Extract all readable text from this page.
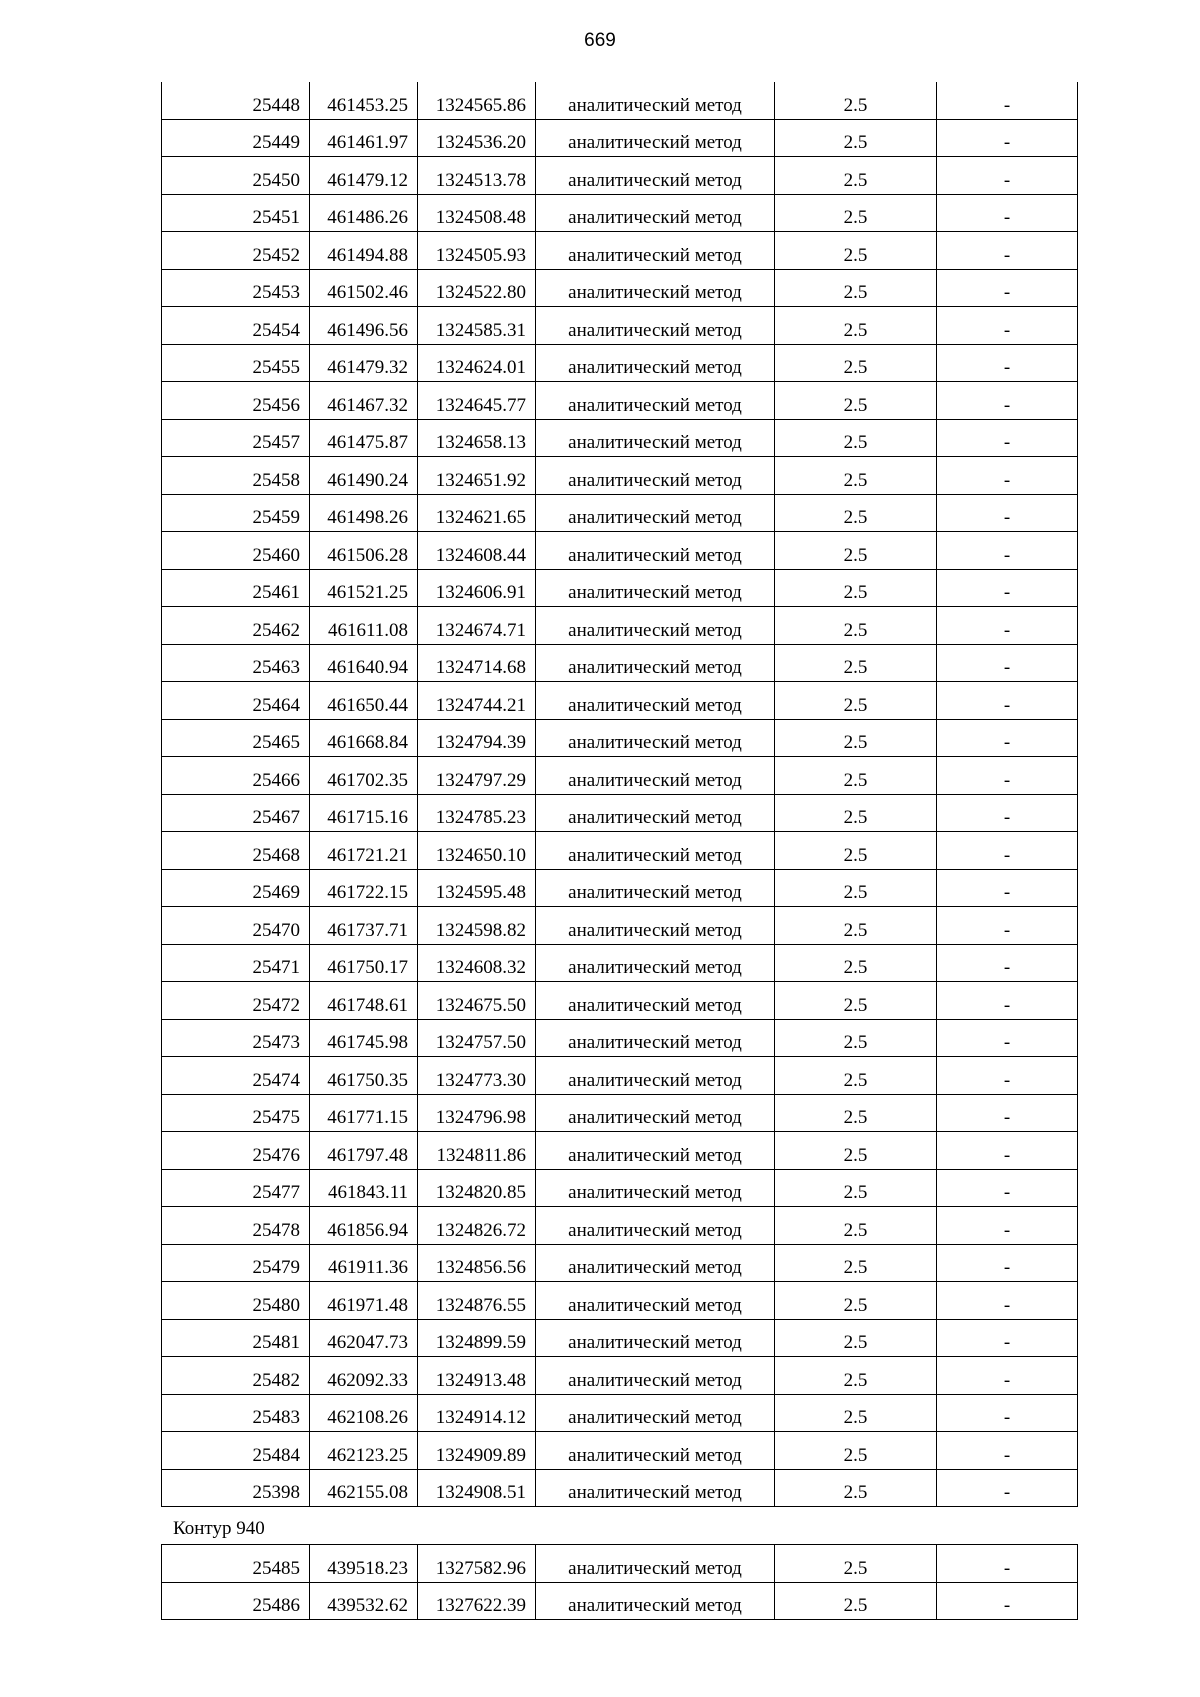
669
25448	461453.25	1324565.86	аналитический метод	2.5	-
25449	461461.97	1324536.20	аналитический метод	2.5	-
25450	461479.12	1324513.78	аналитический метод	2.5	-
25451	461486.26	1324508.48	аналитический метод	2.5	-
25452	461494.88	1324505.93	аналитический метод	2.5	-
25453	461502.46	1324522.80	аналитический метод	2.5	-
25454	461496.56	1324585.31	аналитический метод	2.5	-
25455	461479.32	1324624.01	аналитический метод	2.5	-
25456	461467.32	1324645.77	аналитический метод	2.5	-
25457	461475.87	1324658.13	аналитический метод	2.5	-
25458	461490.24	1324651.92	аналитический метод	2.5	-
25459	461498.26	1324621.65	аналитический метод	2.5	-
25460	461506.28	1324608.44	аналитический метод	2.5	-
25461	461521.25	1324606.91	аналитический метод	2.5	-
25462	461611.08	1324674.71	аналитический метод	2.5	-
25463	461640.94	1324714.68	аналитический метод	2.5	-
25464	461650.44	1324744.21	аналитический метод	2.5	-
25465	461668.84	1324794.39	аналитический метод	2.5	-
25466	461702.35	1324797.29	аналитический метод	2.5	-
25467	461715.16	1324785.23	аналитический метод	2.5	-
25468	461721.21	1324650.10	аналитический метод	2.5	-
25469	461722.15	1324595.48	аналитический метод	2.5	-
25470	461737.71	1324598.82	аналитический метод	2.5	-
25471	461750.17	1324608.32	аналитический метод	2.5	-
25472	461748.61	1324675.50	аналитический метод	2.5	-
25473	461745.98	1324757.50	аналитический метод	2.5	-
25474	461750.35	1324773.30	аналитический метод	2.5	-
25475	461771.15	1324796.98	аналитический метод	2.5	-
25476	461797.48	1324811.86	аналитический метод	2.5	-
25477	461843.11	1324820.85	аналитический метод	2.5	-
25478	461856.94	1324826.72	аналитический метод	2.5	-
25479	461911.36	1324856.56	аналитический метод	2.5	-
25480	461971.48	1324876.55	аналитический метод	2.5	-
25481	462047.73	1324899.59	аналитический метод	2.5	-
25482	462092.33	1324913.48	аналитический метод	2.5	-
25483	462108.26	1324914.12	аналитический метод	2.5	-
25484	462123.25	1324909.89	аналитический метод	2.5	-
25398	462155.08	1324908.51	аналитический метод	2.5	-
Контур 940
25485	439518.23	1327582.96	аналитический метод	2.5	-
25486	439532.62	1327622.39	аналитический метод	2.5	-
